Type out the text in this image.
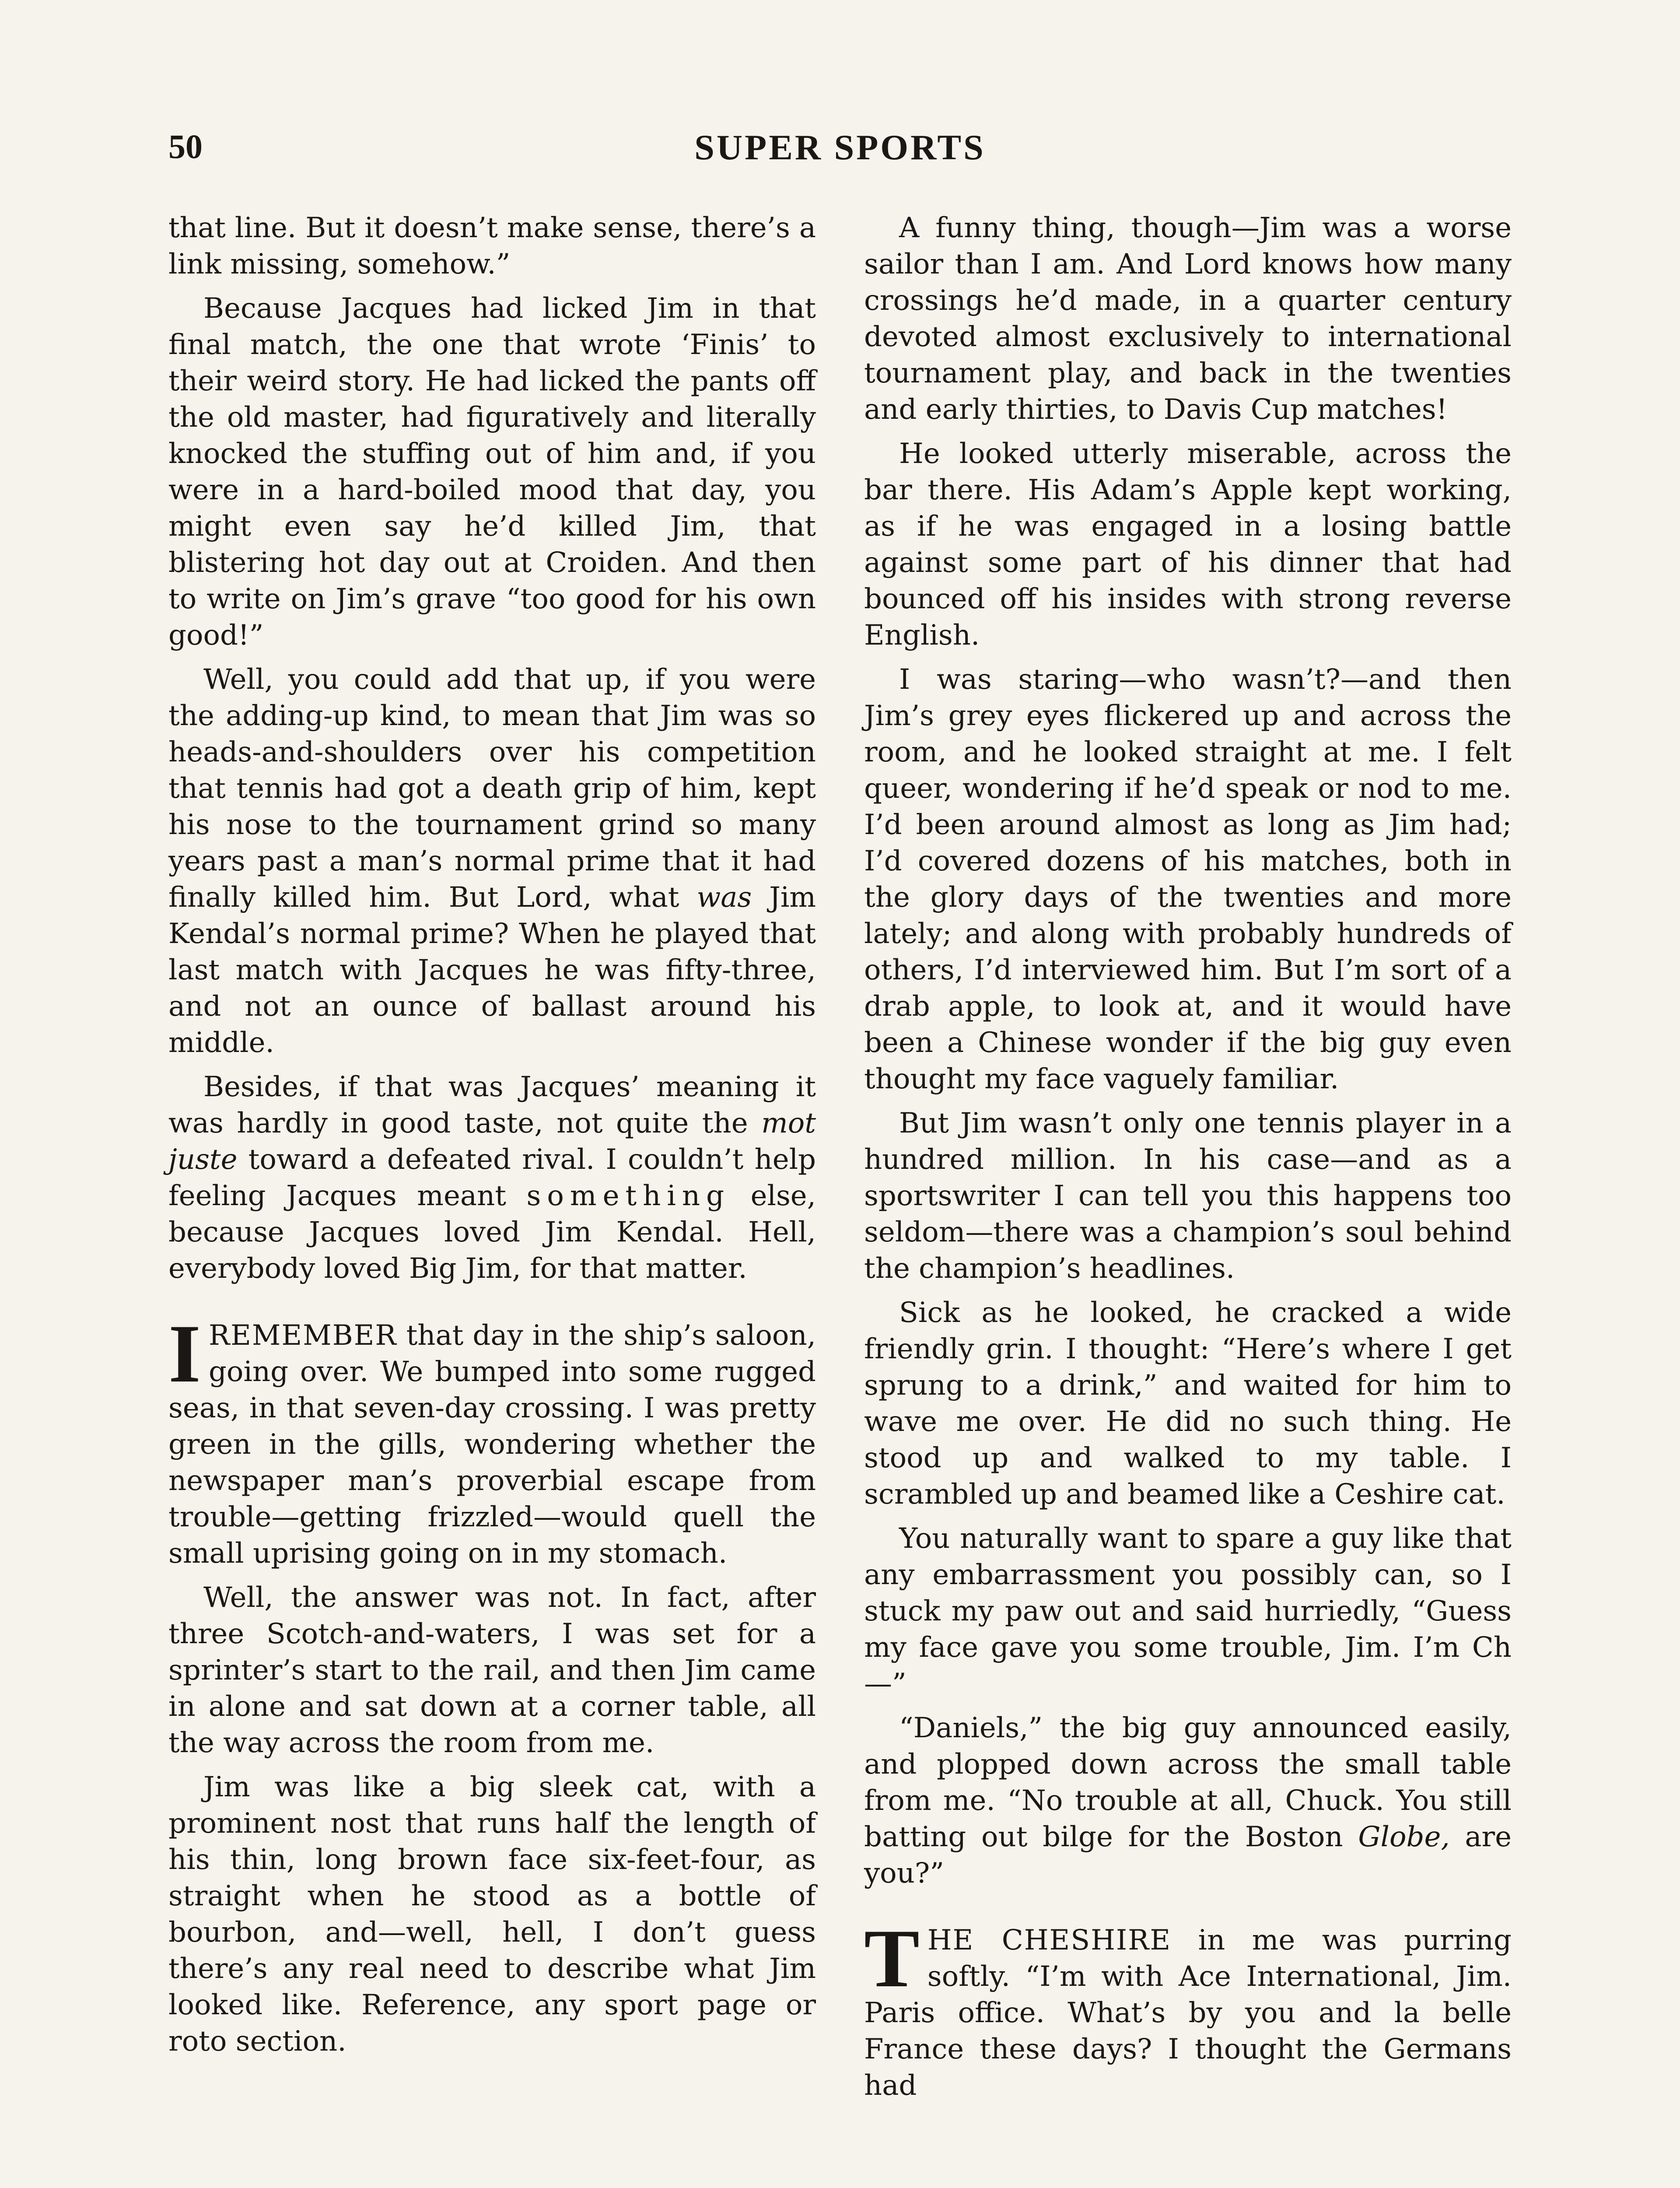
50	SUPER SPORTS

that line. But it doesn’t make sense, there’s a link missing, somehow.”

Because Jacques had licked Jim in that final match, the one that wrote ‘Finis’ to their weird story. He had licked the pants off the old master, had figuratively and literally knocked the stuffing out of him and, if you were in a hard-boiled mood that day, you might even say he’d killed Jim, that blistering hot day out at Croiden. And then to write on Jim’s grave “too good for his own good!”

Well, you could add that up, if you were the adding-up kind, to mean that Jim was so heads-and-shoulders over his competition that tennis had got a death grip of him, kept his nose to the tournament grind so many years past a man’s normal prime that it had finally killed him. But Lord, what was Jim Kendal’s normal prime? When he played that last match with Jacques he was fifty-three, and not an ounce of ballast around his middle.

Besides, if that was Jacques’ meaning it was hardly in good taste, not quite the mot juste toward a defeated rival. I couldn’t help feeling Jacques meant something else, because Jacques loved Jim Kendal. Hell, everybody loved Big Jim, for that matter.

IREMEMBER that day in the ship’s saloon, going over. We bumped into some rugged seas, in that seven-day crossing. I was pretty green in the gills, wondering whether the newspaper man’s proverbial escape from trouble—getting frizzled—would quell the small uprising going on in my stomach.

Well, the answer was not. In fact, after three Scotch-and-waters, I was set for a sprinter’s start to the rail, and then Jim came in alone and sat down at a corner table, all the way across the room from me.

Jim was like a big sleek cat, with a prominent nost that runs half the length of his thin, long brown face six-feet-four, as straight when he stood as a bottle of bourbon, and—well, hell, I don’t guess there’s any real need to describe what Jim looked like. Reference, any sport page or roto section.

A funny thing, though—Jim was a worse sailor than I am. And Lord knows how many crossings he’d made, in a quarter century devoted almost exclusively to international tournament play, and back in the twenties and early thirties, to Davis Cup matches!

He looked utterly miserable, across the bar there. His Adam’s Apple kept working, as if he was engaged in a losing battle against some part of his dinner that had bounced off his insides with strong reverse English.

I was staring—who wasn’t?—and then Jim’s grey eyes flickered up and across the room, and he looked straight at me. I felt queer, wondering if he’d speak or nod to me. I’d been around almost as long as Jim had; I’d covered dozens of his matches, both in the glory days of the twenties and more lately; and along with probably hundreds of others, I’d interviewed him. But I’m sort of a drab apple, to look at, and it would have been a Chinese wonder if the big guy even thought my face vaguely familiar.

But Jim wasn’t only one tennis player in a hundred million. In his case—and as a sportswriter I can tell you this happens too seldom—there was a champion’s soul behind the champion’s headlines.

Sick as he looked, he cracked a wide friendly grin. I thought: “Here’s where I get sprung to a drink,” and waited for him to wave me over. He did no such thing. He stood up and walked to my table. I scrambled up and beamed like a Ceshire cat.

You naturally want to spare a guy like that any embarrassment you possibly can, so I stuck my paw out and said hurriedly, “Guess my face gave you some trouble, Jim. I’m Ch—”

“Daniels,” the big guy announced easily, and plopped down across the small table from me. “No trouble at all, Chuck. You still batting out bilge for the Boston Globe, are you?”

THE CHESHIRE in me was purring softly. “I’m with Ace International, Jim. Paris office. What’s by you and la belle France these days? I thought the Germans had
